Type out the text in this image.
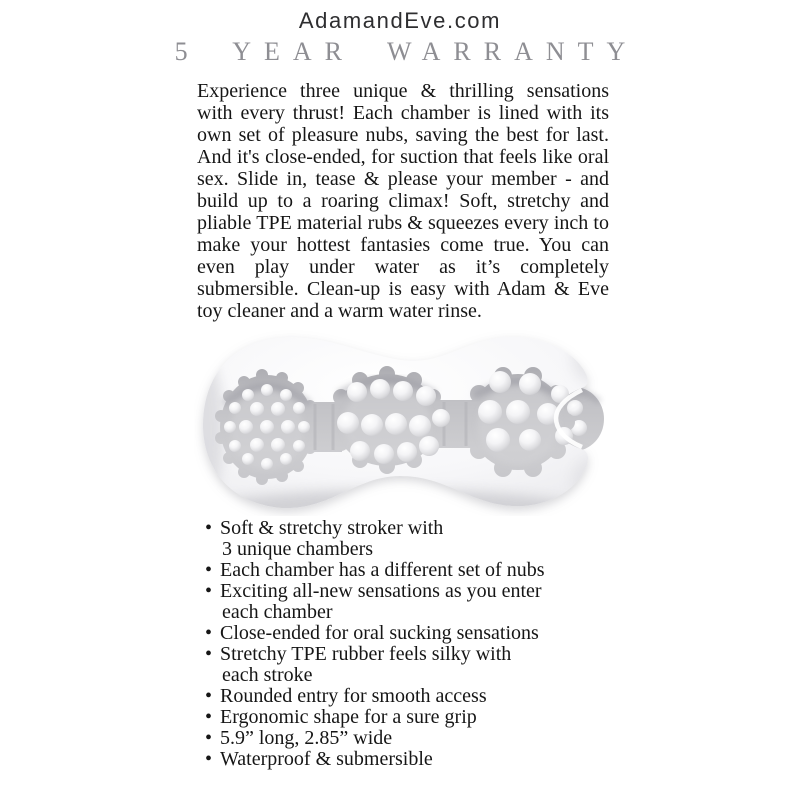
AdamandEve.com
5 YEAR WARRANTY

Experience three unique & thrilling sensations with every thrust! Each chamber is lined with its own set of pleasure nubs, saving the best for last. And it's close-ended, for suction that feels like oral sex. Slide in, tease & please your member - and build up to a roaring climax! Soft, stretchy and pliable TPE material rubs & squeezes every inch to make your hottest fantasies come true. You can even play under water as it’s completely submersible. Clean-up is easy with Adam & Eve toy cleaner and a warm water rinse.

• Soft & stretchy stroker with
3 unique chambers
• Each chamber has a different set of nubs
• Exciting all-new sensations as you enter
each chamber
• Close-ended for oral sucking sensations
• Stretchy TPE rubber feels silky with
each stroke
• Rounded entry for smooth access
• Ergonomic shape for a sure grip
• 5.9” long, 2.85” wide
• Waterproof & submersible
